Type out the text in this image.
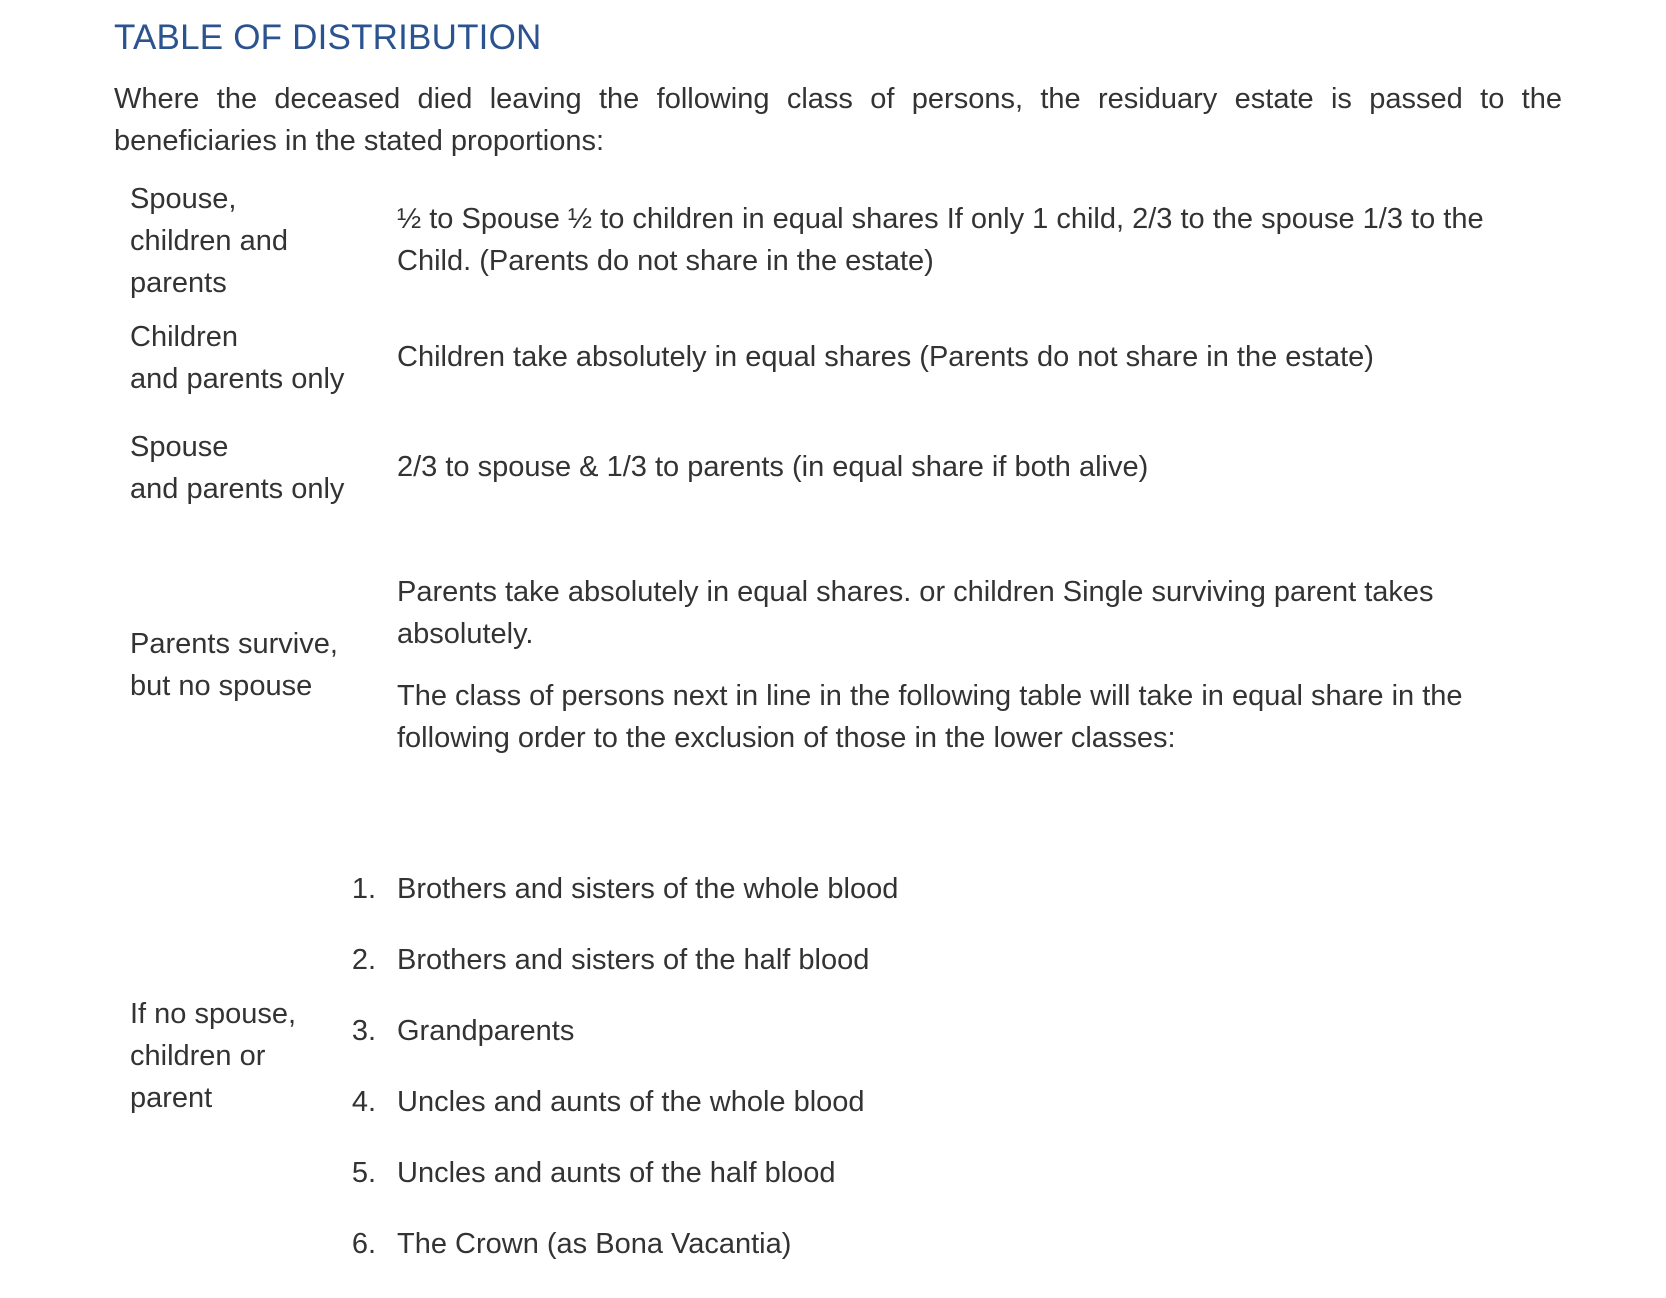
TABLE OF DISTRIBUTION

Where the deceased died leaving the following class of persons, the residuary estate is passed to the beneficiaries in the stated proportions:

Spouse,
children and
parents

½ to Spouse ½ to children in equal shares If only 1 child, 2/3 to the spouse 1/3 to the Child. (Parents do not share in the estate)

Children
and parents only

Children take absolutely in equal shares (Parents do not share in the estate)

Spouse
and parents only

2/3 to spouse & 1/3 to parents (in equal share if both alive)

Parents survive,
but no spouse

Parents take absolutely in equal shares. or children Single surviving parent takes absolutely.

The class of persons next in line in the following table will take in equal share in the following order to the exclusion of those in the lower classes:

If no spouse,
children or
parent
1. Brothers and sisters of the whole blood
2. Brothers and sisters of the half blood
3. Grandparents
4. Uncles and aunts of the whole blood
5. Uncles and aunts of the half blood
6. The Crown (as Bona Vacantia)
